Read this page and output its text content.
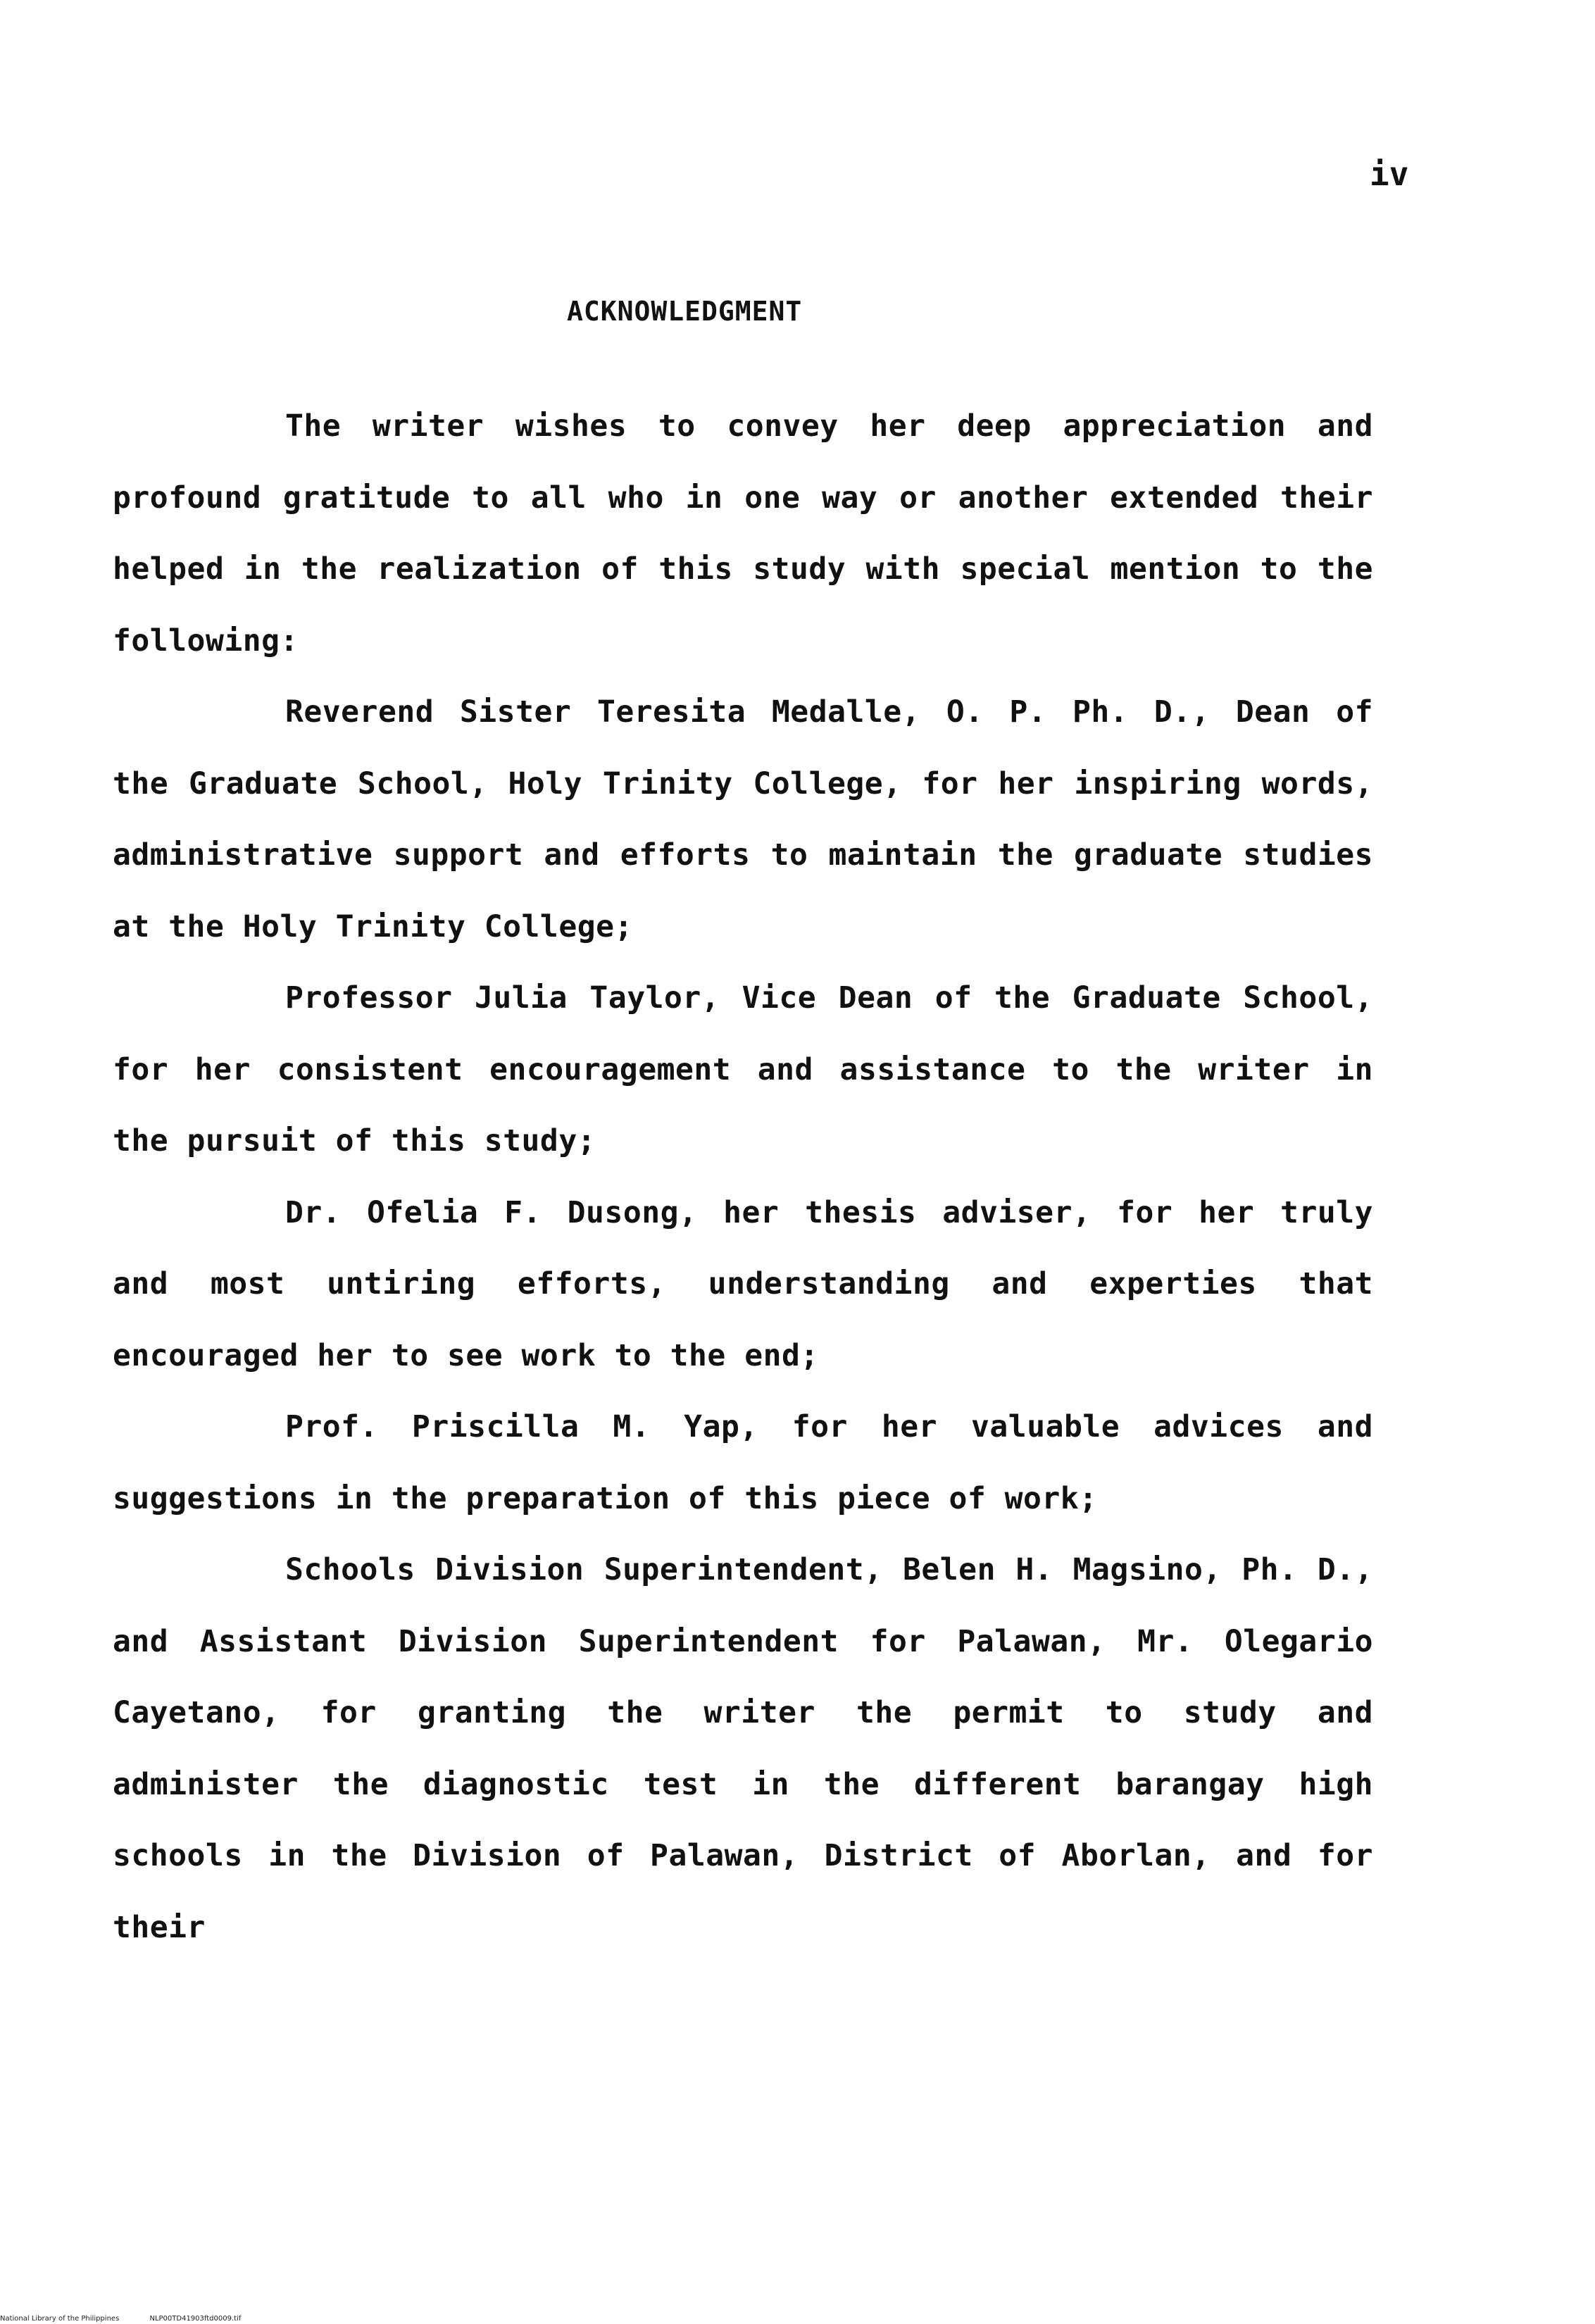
iv
ACKNOWLEDGMENT

The writer wishes to convey her deep appreciation and profound gratitude to all who in one way or another extended their helped in the realization of this study with special mention to the following:

Reverend Sister Teresita Medalle, O. P. Ph. D., Dean of the Graduate School, Holy Trinity College, for her inspiring words, administrative support and efforts to maintain the graduate studies at the Holy Trinity College;

Professor Julia Taylor, Vice Dean of the Graduate School, for her consistent encouragement and assistance to the writer in the pursuit of this study;

Dr. Ofelia F. Dusong, her thesis adviser, for her truly and most untiring efforts, understanding and experties that encouraged her to see work to the end;

Prof. Priscilla M. Yap, for her valuable advices and suggestions in the preparation of this piece of work;

Schools Division Superintendent, Belen H. Magsino, Ph. D., and Assistant Division Superintendent for Palawan, Mr. Olegario Cayetano, for granting the writer the permit to study and administer the diagnostic test in the different barangay high schools in the Division of Palawan, District of Aborlan, and for their

National Library of the Philippines	NLP00TD41903ftd0009.tif
